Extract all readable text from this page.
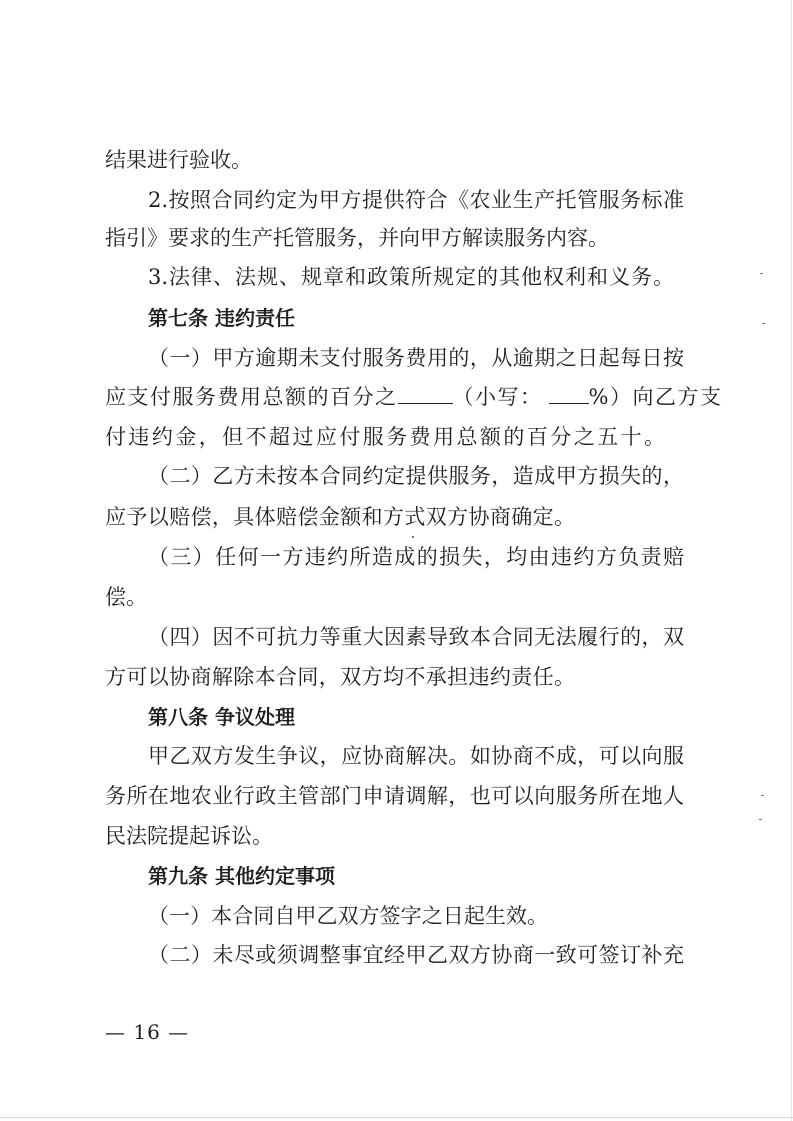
结果进行验收。

2.按照合同约定为甲方提供符合《农业生产托管服务标准

指引》要求的生产托管服务，并向甲方解读服务内容。

3.法律、法规、规章和政策所规定的其他权利和义务。

第七条 违约责任

（一）甲方逾期未支付服务费用的，从逾期之日起每日按

应支付服务费用总额的百分之	（小写： %）向乙方支

付违约金，但不超过应付服务费用总额的百分之五十。

（二）乙方未按本合同约定提供服务，造成甲方损失的，

应予以赔偿，具体赔偿金额和方式双方协商确定。

（三）任何一方违约所造成的损失，均由违约方负责赔

偿。

（四）因不可抗力等重大因素导致本合同无法履行的，双

方可以协商解除本合同，双方均不承担违约责任。

第八条 争议处理

甲乙双方发生争议，应协商解决。如协商不成，可以向服

务所在地农业行政主管部门申请调解，也可以向服务所在地人

民法院提起诉讼。

第九条 其他约定事项

（一）本合同自甲乙双方签字之日起生效。

（二）未尽或须调整事宜经甲乙双方协商一致可签订补充

— 16 —
